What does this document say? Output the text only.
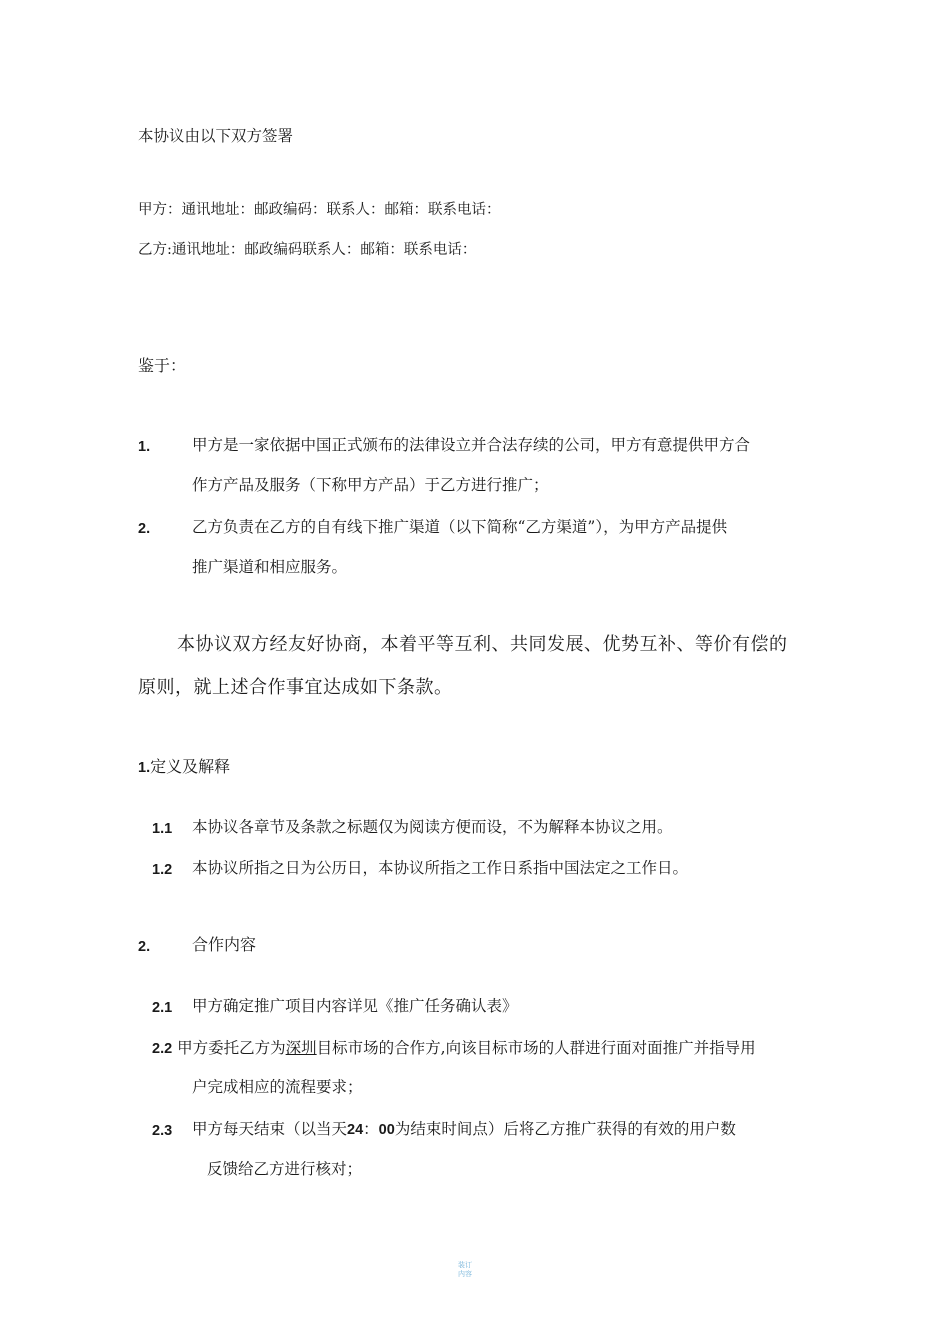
本协议由以下双方签署
甲方：通讯地址：邮政编码：联系人：邮箱：联系电话：
乙方:通讯地址：邮政编码联系人：邮箱：联系电话：
鉴于：
1.	甲方是一家依据中国正式颁布的法律设立并合法存续的公司，甲方有意提供甲方合
作方产品及服务（下称甲方产品）于乙方进行推广；
2.	乙方负责在乙方的自有线下推广渠道（以下简称“乙方渠道”），为甲方产品提供
推广渠道和相应服务。
本协议双方经友好协商，本着平等互利、共同发展、优势互补、等价有偿的
原则，就上述合作事宜达成如下条款。
1.定义及解释
1.1 本协议各章节及条款之标题仅为阅读方便而设，不为解释本协议之用。
1.2 本协议所指之日为公历日，本协议所指之工作日系指中国法定之工作日。
2.	合作内容
2.1 甲方确定推广项目内容详见《推广任务确认表》
2.2 甲方委托乙方为深圳目标市场的合作方,向该目标市场的人群进行面对面推广并指导用
户完成相应的流程要求；
2.3 甲方每天结束（以当天24：00为结束时间点）后将乙方推广获得的有效的用户数
反馈给乙方进行核对；
装订
内容
